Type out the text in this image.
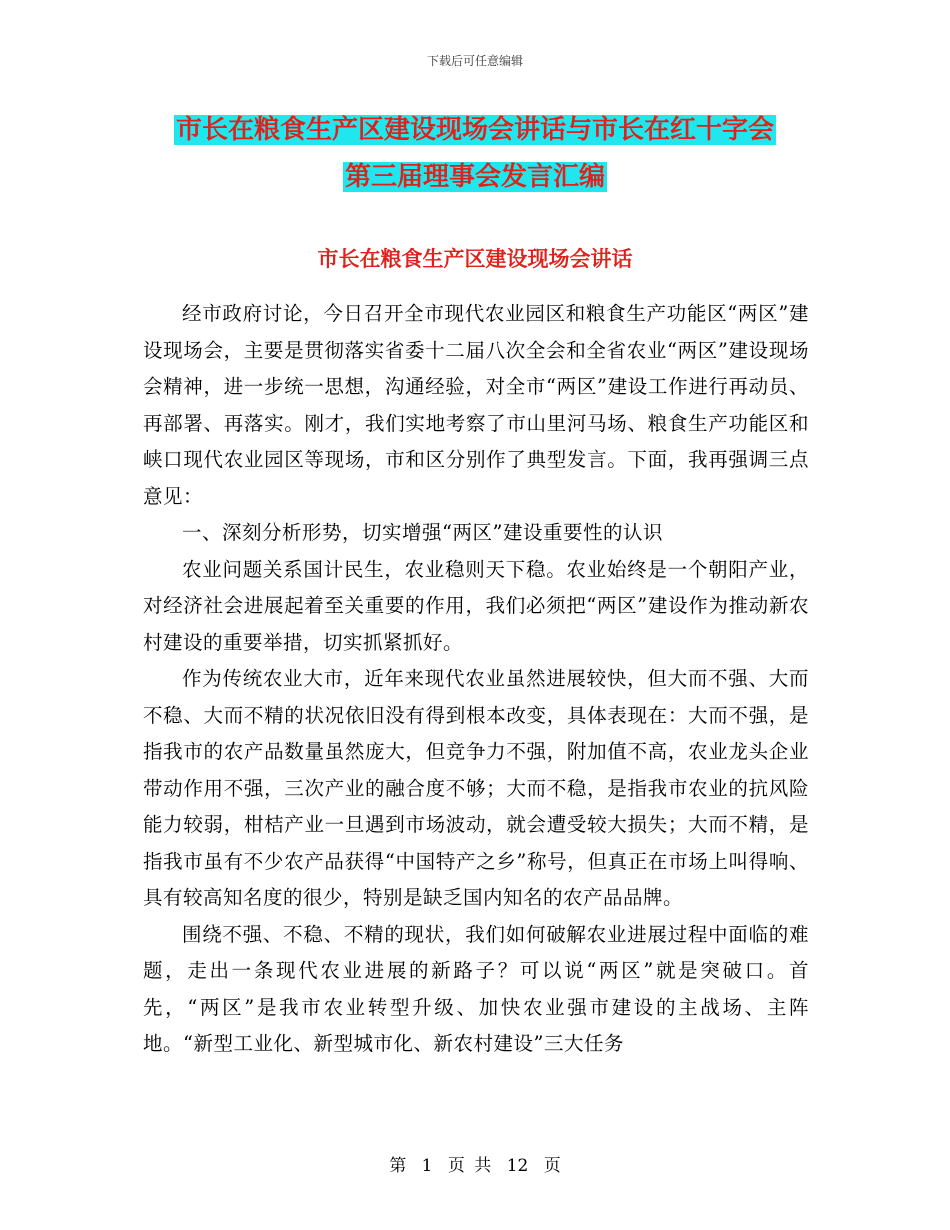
下载后可任意编辑
市长在粮食生产区建设现场会讲话与市长在红十字会
第三届理事会发言汇编
市长在粮食生产区建设现场会讲话

经市政府讨论，今日召开全市现代农业园区和粮食生产功能区“两区”建设现场会，主要是贯彻落实省委十二届八次全会和全省农业“两区”建设现场会精神，进一步统一思想，沟通经验，对全市“两区”建设工作进行再动员、再部署、再落实。刚才，我们实地考察了市山里河马场、粮食生产功能区和峡口现代农业园区等现场，市和区分别作了典型发言。下面，我再强调三点意见：

一、深刻分析形势，切实增强“两区”建设重要性的认识

农业问题关系国计民生，农业稳则天下稳。农业始终是一个朝阳产业，对经济社会进展起着至关重要的作用，我们必须把“两区”建设作为推动新农村建设的重要举措，切实抓紧抓好。

作为传统农业大市，近年来现代农业虽然进展较快，但大而不强、大而不稳、大而不精的状况依旧没有得到根本改变，具体表现在：大而不强，是指我市的农产品数量虽然庞大，但竞争力不强，附加值不高，农业龙头企业带动作用不强，三次产业的融合度不够；大而不稳，是指我市农业的抗风险能力较弱，柑桔产业一旦遇到市场波动，就会遭受较大损失；大而不精，是指我市虽有不少农产品获得“中国特产之乡”称号，但真正在市场上叫得响、具有较高知名度的很少，特别是缺乏国内知名的农产品品牌。

围绕不强、不稳、不精的现状，我们如何破解农业进展过程中面临的难题，走出一条现代农业进展的新路子？可以说“两区”就是突破口。首先，“两区”是我市农业转型升级、加快农业强市建设的主战场、主阵地。“新型工业化、新型城市化、新农村建设”三大任务

第 1 页 共 12 页
